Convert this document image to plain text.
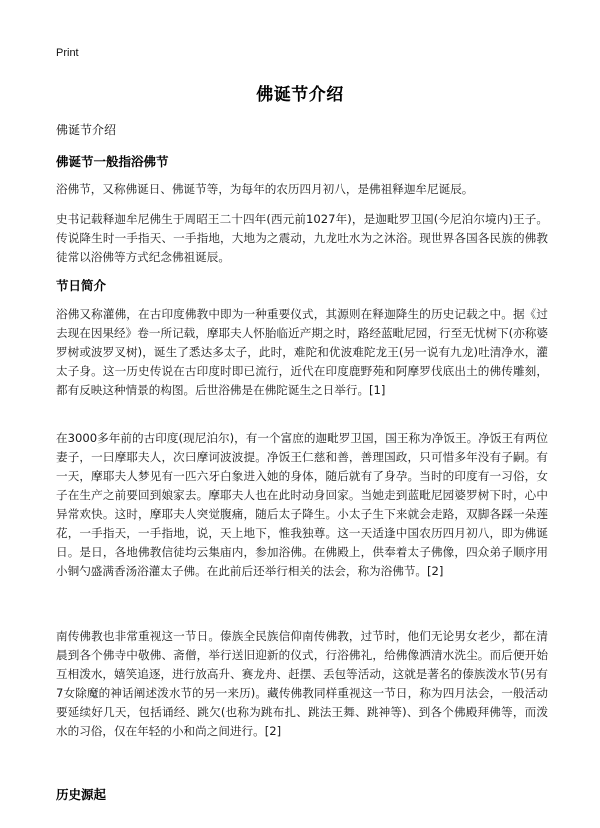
Print
佛诞节介绍
佛诞节介绍
佛诞节一般指浴佛节
浴佛节，又称佛诞日、佛诞节等，为每年的农历四月初八，是佛祖释迦牟尼诞辰。
史书记载释迦牟尼佛生于周昭王二十四年(西元前1027年)，是迦毗罗卫国(今尼泊尔境内)王子。传说降生时一手指天、一手指地，大地为之震动，九龙吐水为之沐浴。现世界各国各民族的佛教徒常以浴佛等方式纪念佛祖诞辰。
节日简介
浴佛又称灌佛，在古印度佛教中即为一种重要仪式，其源则在释迦降生的历史记载之中。据《过去现在因果经》卷一所记载，摩耶夫人怀胎临近产期之时，路经蓝毗尼园，行至无忧树下(亦称婆罗树或波罗叉树)，诞生了悉达多太子，此时，难陀和优波难陀龙王(另一说有九龙)吐清净水，灌太子身。这一历史传说在古印度时即已流行，近代在印度鹿野苑和阿摩罗伐底出土的佛传雕刻，都有反映这种情景的构图。后世浴佛是在佛陀诞生之日举行。[1]
在3000多年前的古印度(现尼泊尔)，有一个富庶的迦毗罗卫国，国王称为净饭王。净饭王有两位妻子，一曰摩耶夫人，次曰摩诃波波提。净饭王仁慈和善，善理国政，只可惜多年没有子嗣。有一天，摩耶夫人梦见有一匹六牙白象进入她的身体，随后就有了身孕。当时的印度有一习俗，女子在生产之前要回到娘家去。摩耶夫人也在此时动身回家。当她走到蓝毗尼园婆罗树下时，心中异常欢快。这时，摩耶夫人突觉腹痛，随后太子降生。小太子生下来就会走路，双脚各踩一朵莲花，一手指天，一手指地，说，天上地下，惟我独尊。这一天适逢中国农历四月初八，即为佛诞日。是日，各地佛教信徒均云集庙内，参加浴佛。在佛殿上，供奉着太子佛像，四众弟子顺序用小铜勺盛满香汤浴灌太子佛。在此前后还举行相关的法会，称为浴佛节。[2]
南传佛教也非常重视这一节日。傣族全民族信仰南传佛教，过节时，他们无论男女老少，都在清晨到各个佛寺中敬佛、斋僧，举行送旧迎新的仪式，行浴佛礼，给佛像洒清水洗尘。而后便开始互相泼水，嬉笑追逐，进行放高升、赛龙舟、赶摆、丢包等活动，这就是著名的傣族泼水节(另有7女除魔的神话阐述泼水节的另一来历)。藏传佛教同样重视这一节日，称为四月法会，一般活动要延续好几天，包括诵经、跳欠(也称为跳布扎、跳法王舞、跳神等)、到各个佛殿拜佛等，而泼水的习俗，仅在年轻的小和尚之间进行。[2]
历史源起
